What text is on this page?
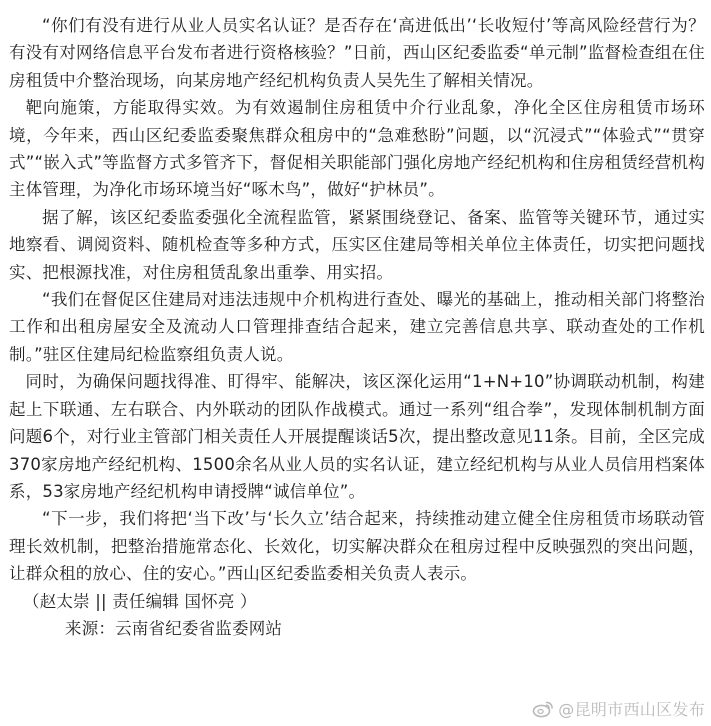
“你们有没有进行从业人员实名认证？是否存在‘高进低出’‘长收短付’等高风险经营行为？有没有对网络信息平台发布者进行资格核验？”日前，西山区纪委监委“单元制”监督检查组在住房租赁中介整治现场，向某房地产经纪机构负责人吴先生了解相关情况。

靶向施策，方能取得实效。为有效遏制住房租赁中介行业乱象，净化全区住房租赁市场环境，今年来，西山区纪委监委聚焦群众租房中的“急难愁盼”问题，以“沉浸式”“体验式”“贯穿式”“嵌入式”等监督方式多管齐下，督促相关职能部门强化房地产经纪机构和住房租赁经营机构主体管理，为净化市场环境当好“啄木鸟”，做好“护林员”。

据了解，该区纪委监委强化全流程监管，紧紧围绕登记、备案、监管等关键环节，通过实地察看、调阅资料、随机检查等多种方式，压实区住建局等相关单位主体责任，切实把问题找实、把根源找准，对住房租赁乱象出重拳、用实招。

“我们在督促区住建局对违法违规中介机构进行查处、曝光的基础上，推动相关部门将整治工作和出租房屋安全及流动人口管理排查结合起来，建立完善信息共享、联动查处的工作机制。”驻区住建局纪检监察组负责人说。

同时，为确保问题找得准、盯得牢、能解决，该区深化运用“1+N+10”协调联动机制，构建起上下联通、左右联合、内外联动的团队作战模式。通过一系列“组合拳”，发现体制机制方面问题6个，对行业主管部门相关责任人开展提醒谈话5次，提出整改意见11条。目前，全区完成370家房地产经纪机构、1500余名从业人员的实名认证，建立经纪机构与从业人员信用档案体系，53家房地产经纪机构申请授牌“诚信单位”。

“下一步，我们将把‘当下改’与‘长久立’结合起来，持续推动建立健全住房租赁市场联动管理长效机制，把整治措施常态化、长效化，切实解决群众在租房过程中反映强烈的突出问题，让群众租的放心、住的安心。”西山区纪委监委相关负责人表示。

（赵太崇 || 责任编辑 国怀亮 ）

来源：云南省纪委省监委网站

@昆明市西山区发布
